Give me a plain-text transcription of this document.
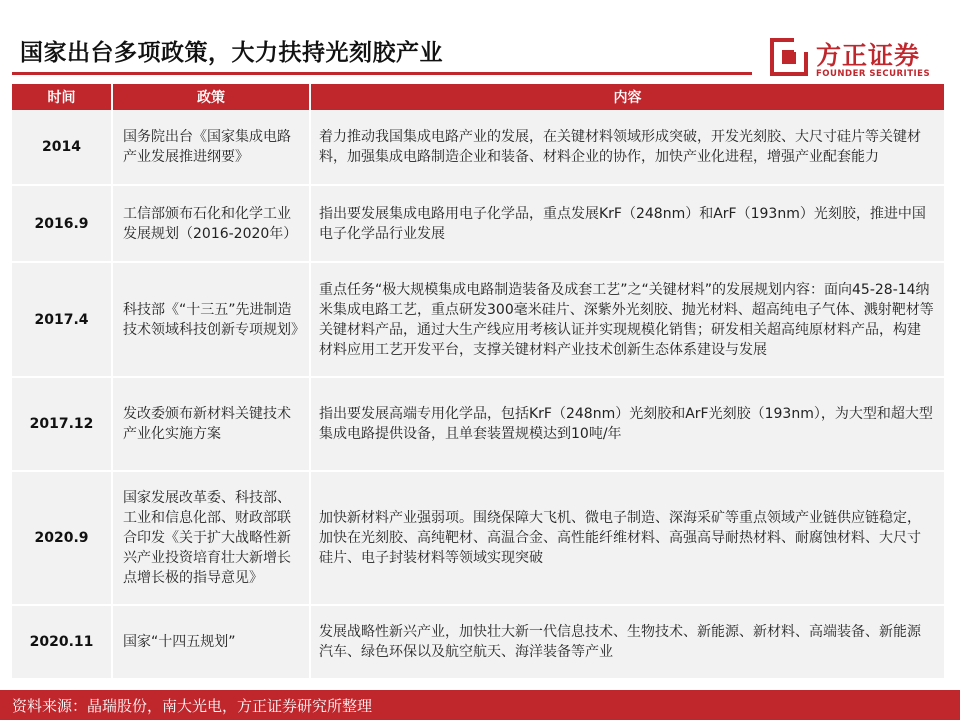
国家出台多项政策，大力扶持光刻胶产业	方正证券
FOUNDER SECURITIES
时间	政策	内容
2014	国务院出台《国家集成电路产业发展推进纲要》	着力推动我国集成电路产业的发展，在关键材料领域形成突破，开发光刻胶、大尺寸硅片等关键材料，加强集成电路制造企业和装备、材料企业的协作，加快产业化进程，增强产业配套能力
2016.9	工信部颁布石化和化学工业发展规划（2016-2020年）	指出要发展集成电路用电子化学品，重点发展KrF（248nm）和ArF（193nm）光刻胶，推进中国电子化学品行业发展
2017.4	科技部《“十三五”先进制造技术领域科技创新专项规划》	重点任务“极大规模集成电路制造装备及成套工艺”之“关键材料”的发展规划内容：面向45-28-14纳米集成电路工艺，重点研发300毫米硅片、深紫外光刻胶、抛光材料、超高纯电子气体、溅射靶材等关键材料产品，通过大生产线应用考核认证并实现规模化销售；研发相关超高纯原材料产品，构建材料应用工艺开发平台，支撑关键材料产业技术创新生态体系建设与发展
2017.12	发改委颁布新材料关键技术产业化实施方案	指出要发展高端专用化学品，包括KrF（248nm）光刻胶和ArF光刻胶（193nm），为大型和超大型集成电路提供设备，且单套装置规模达到10吨/年
2020.9	国家发展改革委、科技部、工业和信息化部、财政部联合印发《关于扩大战略性新兴产业投资培育壮大新增长点增长极的指导意见》	加快新材料产业强弱项。围绕保障大飞机、微电子制造、深海采矿等重点领域产业链供应链稳定，加快在光刻胶、高纯靶材、高温合金、高性能纤维材料、高强高导耐热材料、耐腐蚀材料、大尺寸硅片、电子封装材料等领域实现突破
2020.11	国家“十四五规划”	发展战略性新兴产业，加快壮大新一代信息技术、生物技术、新能源、新材料、高端装备、新能源汽车、绿色环保以及航空航天、海洋装备等产业
资料来源：晶瑞股份，南大光电，方正证券研究所整理
